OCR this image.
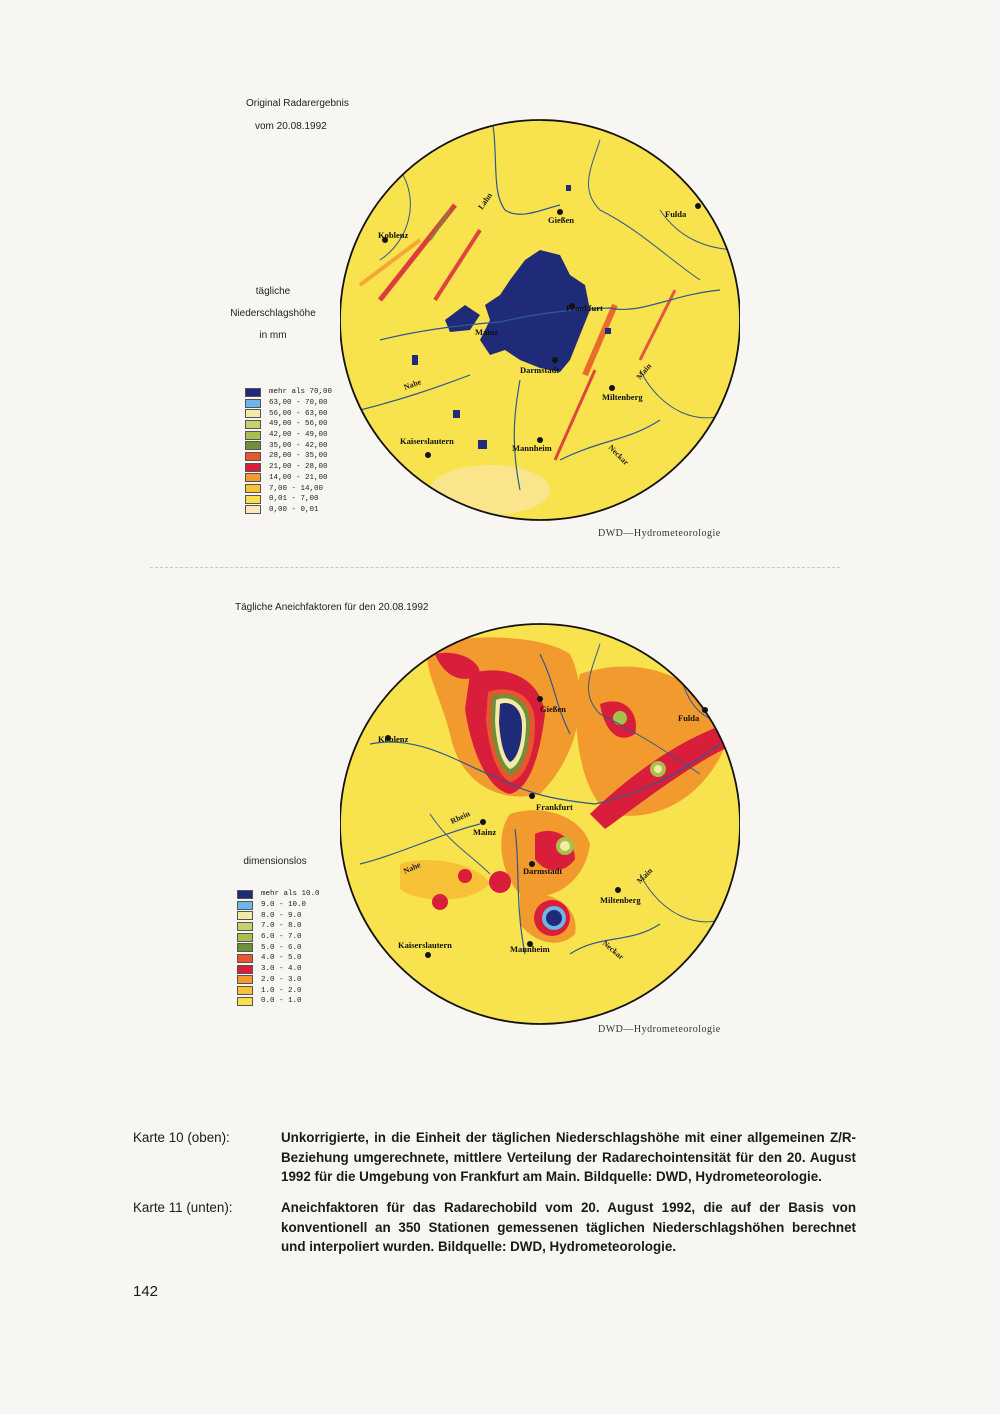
Original Radarergebnis
vom 20.08.1992
tägliche
Niederschlagshöhe
in mm
mehr als 70,00
63,00 - 70,00
56,00 - 63,00
49,00 - 56,00
42,00 - 49,00
35,00 - 42,00
28,00 - 35,00
21,00 - 28,00
14,00 - 21,00
7,00 - 14,00
0,01 - 7,00
0,00 - 0,01
Gießen
Fulda
Koblenz
Frankfurt
Mainz
Darmstadt
Miltenberg
Kaiserslautern
Mannheim
Lahn
Nahe
Main
Neckar
DWD—Hydrometeorologie
Tägliche Aneichfaktoren für den 20.08.1992
dimensionslos
mehr als 10.0
9.0 - 10.0
8.0 - 9.0
7.0 - 8.0
6.0 - 7.0
5.0 - 6.0
4.0 - 5.0
3.0 - 4.0
2.0 - 3.0
1.0 - 2.0
0.0 - 1.0
Gießen
Fulda
Koblenz
Frankfurt
Mainz
Darmstadt
Miltenberg
Kaiserslautern	Mannheim
Rhein
Nahe	Main
Neckar
DWD—Hydrometeorologie
Karte 10 (oben):	Unkorrigierte, in die Einheit der täglichen Niederschlagshöhe mit einer allgemeinen Z/R-Beziehung umgerechnete, mittlere Verteilung der Radarechointensität für den 20. August 1992 für die Umgebung von Frankfurt am Main. Bildquelle: DWD, Hydrometeorologie.
Karte 11 (unten):	Aneichfaktoren für das Radarechobild vom 20. August 1992, die auf der Basis von konventionell an 350 Stationen gemessenen täglichen Niederschlagshöhen berechnet und interpoliert wurden. Bildquelle: DWD, Hydrometeorologie.
142
